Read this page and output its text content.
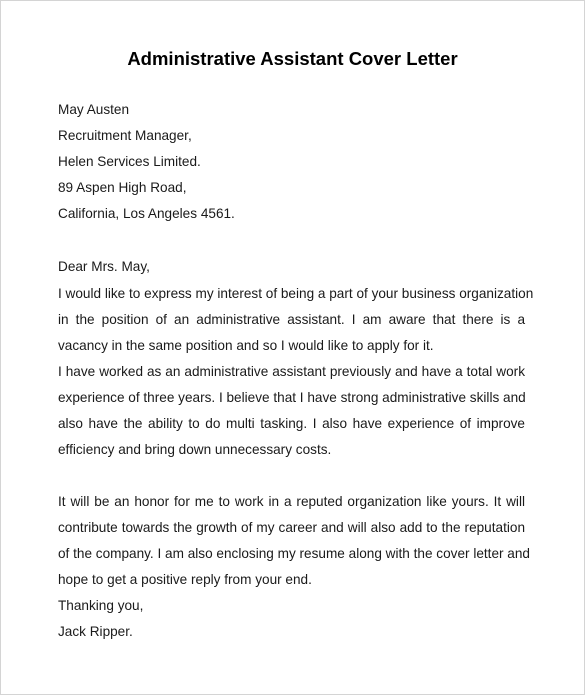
Administrative Assistant Cover Letter
May Austen
Recruitment Manager,
Helen Services Limited.
89 Aspen High Road,
California, Los Angeles 4561.
Dear Mrs. May,
I would like to express my interest of being a part of your business organization
in the position of an administrative assistant. I am aware that there is a
vacancy in the same position and so I would like to apply for it.
I have worked as an administrative assistant previously and have a total work
experience of three years. I believe that I have strong administrative skills and
also have the ability to do multi tasking. I also have experience of improve
efficiency and bring down unnecessary costs.
It will be an honor for me to work in a reputed organization like yours. It will
contribute towards the growth of my career and will also add to the reputation
of the company. I am also enclosing my resume along with the cover letter and
hope to get a positive reply from your end.
Thanking you,
Jack Ripper.
